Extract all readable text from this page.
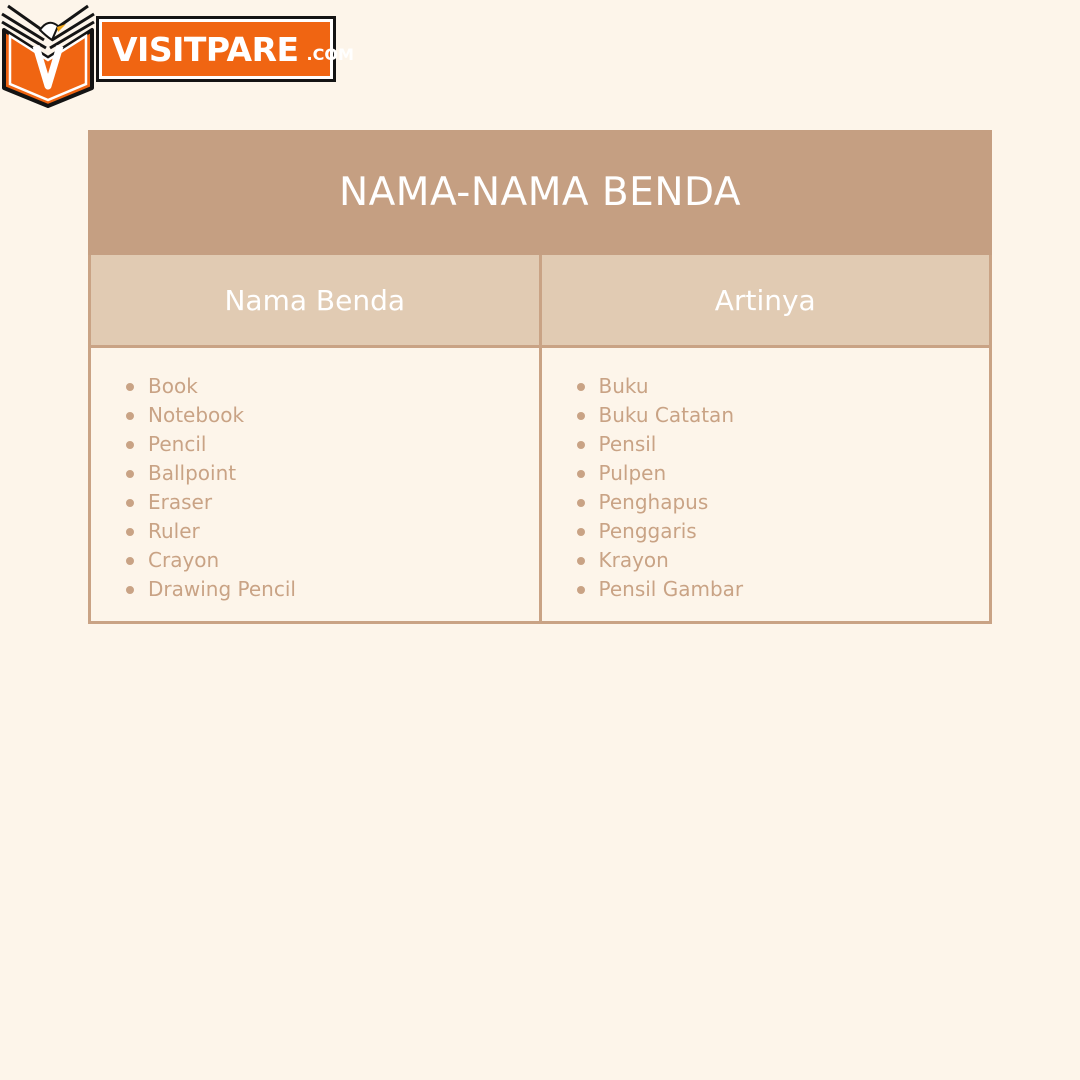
VISITPARE .COM
NAMA-NAMA BENDA
Nama Benda	Artinya
Book
Notebook
Pencil
Ballpoint
Eraser
Ruler
Crayon
Drawing Pencil
Buku
Buku Catatan
Pensil
Pulpen
Penghapus
Penggaris
Krayon
Pensil Gambar
